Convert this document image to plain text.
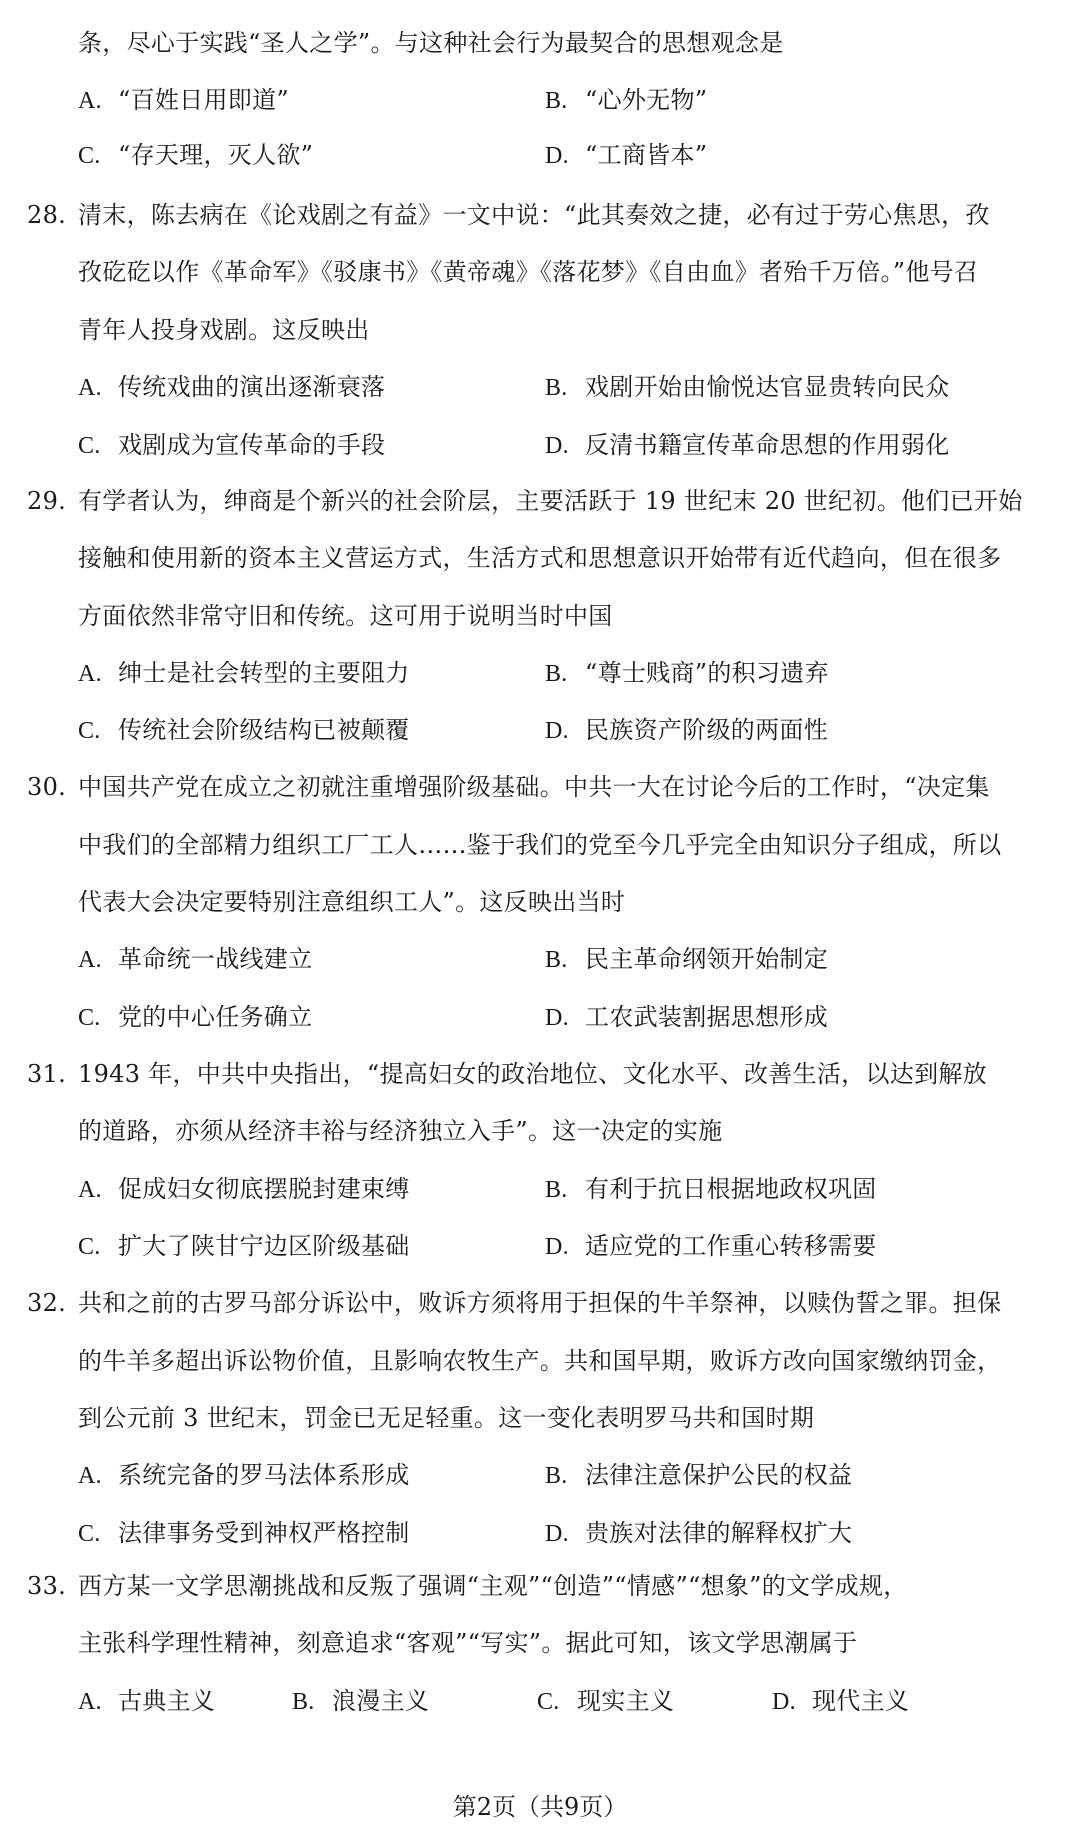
条，尽心于实践“圣人之学”。与这种社会行为最契合的思想观念是
A. “百姓日用即道”	B. “心外无物”
C. “存天理，灭人欲”	D. “工商皆本”
28. 清末，陈去病在《论戏剧之有益》一文中说：“此其奏效之捷，必有过于劳心焦思，孜
孜矻矻以作《革命军》《驳康书》《黄帝魂》《落花梦》《自由血》者殆千万倍。”他号召
青年人投身戏剧。这反映出
A. 传统戏曲的演出逐渐衰落	B. 戏剧开始由愉悦达官显贵转向民众
C. 戏剧成为宣传革命的手段	D. 反清书籍宣传革命思想的作用弱化
29. 有学者认为，绅商是个新兴的社会阶层，主要活跃于 19 世纪末 20 世纪初。他们已开始
接触和使用新的资本主义营运方式，生活方式和思想意识开始带有近代趋向，但在很多
方面依然非常守旧和传统。这可用于说明当时中国
A. 绅士是社会转型的主要阻力	B. “尊士贱商”的积习遗弃
C. 传统社会阶级结构已被颠覆	D. 民族资产阶级的两面性
30. 中国共产党在成立之初就注重增强阶级基础。中共一大在讨论今后的工作时，“决定集
中我们的全部精力组织工厂工人……鉴于我们的党至今几乎完全由知识分子组成，所以
代表大会决定要特别注意组织工人”。这反映出当时
A. 革命统一战线建立	B. 民主革命纲领开始制定
C. 党的中心任务确立	D. 工农武装割据思想形成
31. 1943 年，中共中央指出，“提高妇女的政治地位、文化水平、改善生活，以达到解放
的道路，亦须从经济丰裕与经济独立入手”。这一决定的实施
A. 促成妇女彻底摆脱封建束缚	B. 有利于抗日根据地政权巩固
C. 扩大了陕甘宁边区阶级基础	D. 适应党的工作重心转移需要
32. 共和之前的古罗马部分诉讼中，败诉方须将用于担保的牛羊祭神，以赎伪誓之罪。担保
的牛羊多超出诉讼物价值，且影响农牧生产。共和国早期，败诉方改向国家缴纳罚金，
到公元前 3 世纪末，罚金已无足轻重。这一变化表明罗马共和国时期
A. 系统完备的罗马法体系形成	B. 法律注意保护公民的权益
C. 法律事务受到神权严格控制	D. 贵族对法律的解释权扩大
33. 西方某一文学思潮挑战和反叛了强调“主观”“创造”“情感”“想象”的文学成规，
主张科学理性精神，刻意追求“客观”“写实”。据此可知，该文学思潮属于
A. 古典主义	B. 浪漫主义	C. 现实主义	D. 现代主义
第2页（共9页）
